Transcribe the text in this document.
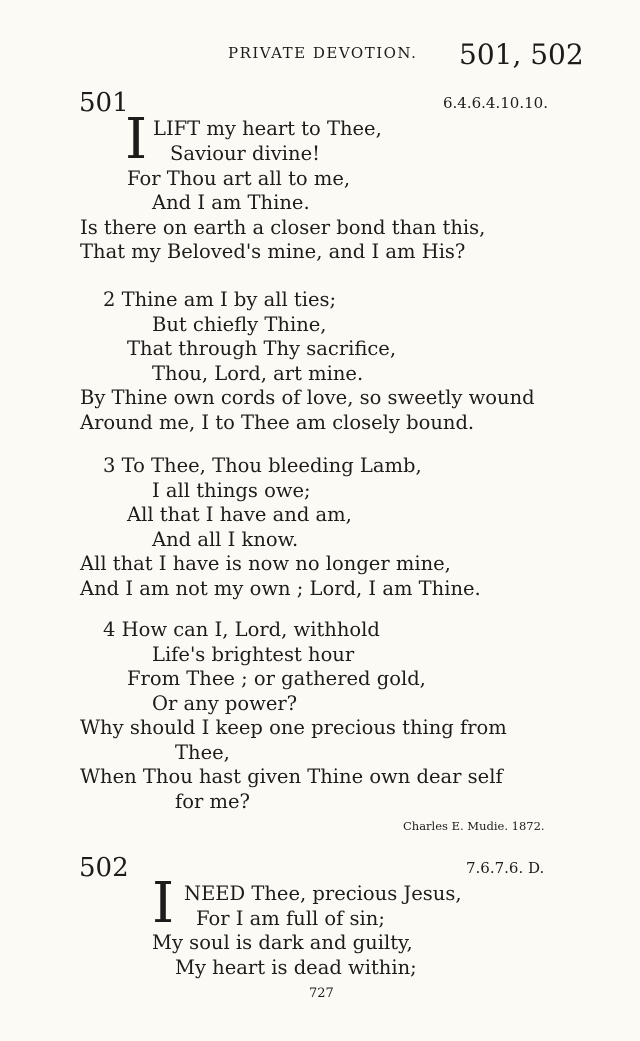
PRIVATE DEVOTION. 501, 502
501	6.4.6.4.10.10.
I LIFT my heart to Thee,
Saviour divine!
For Thou art all to me,
And I am Thine.
Is there on earth a closer bond than this,
That my Beloved's mine, and I am His?
2 Thine am I by all ties;
But chiefly Thine,
That through Thy sacrifice,
Thou, Lord, art mine.
By Thine own cords of love, so sweetly wound
Around me, I to Thee am closely bound.
3 To Thee, Thou bleeding Lamb,
I all things owe;
All that I have and am,
And all I know.
All that I have is now no longer mine,
And I am not my own ; Lord, I am Thine.
4 How can I, Lord, withhold
Life's brightest hour
From Thee ; or gathered gold,
Or any power?
Why should I keep one precious thing from
Thee,
When Thou hast given Thine own dear self
for me?
Charles E. Mudie. 1872.
502	7.6.7.6. D.
I NEED Thee, precious Jesus,
For I am full of sin;
My soul is dark and guilty,
My heart is dead within;
727
